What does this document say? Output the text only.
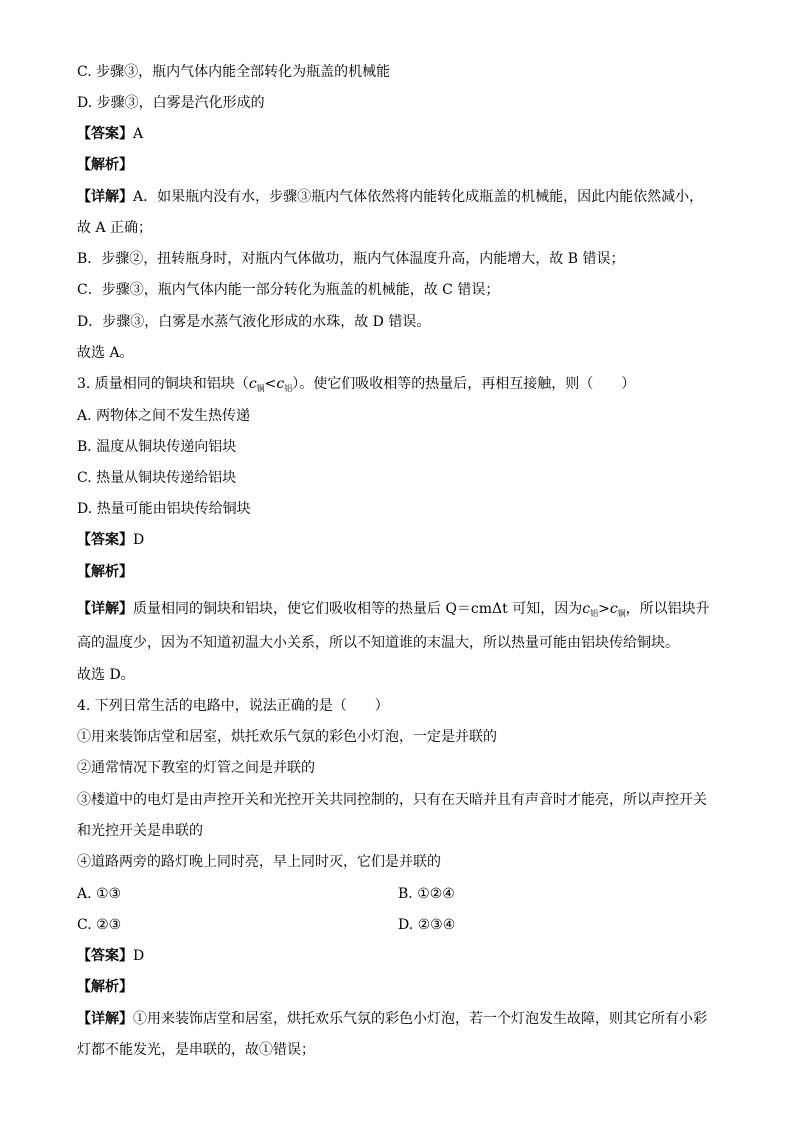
C. 步骤③，瓶内气体内能全部转化为瓶盖的机械能
D. 步骤③，白雾是汽化形成的
【答案】A
【解析】
【详解】A．如果瓶内没有水，步骤③瓶内气体依然将内能转化成瓶盖的机械能，因此内能依然减小，
故 A 正确；
B．步骤②，扭转瓶身时，对瓶内气体做功，瓶内气体温度升高，内能增大，故 B 错误；
C．步骤③，瓶内气体内能一部分转化为瓶盖的机械能，故 C 错误；
D．步骤③，白雾是水蒸气液化形成的水珠，故 D 错误。
故选 A。
3. 质量相同的铜块和铝块$(c_铜<c_铝)$。使它们吸收相等的热量后，再相互接触，则（　　）
A. 两物体之间不发生热传递
B. 温度从铜块传递向铝块
C. 热量从铜块传递给铝块
D. 热量可能由铝块传给铜块
【答案】D
【解析】
【详解】质量相同的铜块和铝块，使它们吸收相等的热量后 Q＝cmΔt 可知，因为$c_铝>c_铜$，所以铝块升
高的温度少，因为不知道初温大小关系，所以不知道谁的末温大，所以热量可能由铝块传给铜块。
故选 D。
4. 下列日常生活的电路中，说法正确的是（　　）
①用来装饰店堂和居室，烘托欢乐气氛的彩色小灯泡，一定是并联的
②通常情况下教室的灯管之间是并联的
③楼道中的电灯是由声控开关和光控开关共同控制的，只有在天暗并且有声音时才能亮，所以声控开关
和光控开关是串联的
④道路两旁的路灯晚上同时亮，早上同时灭，它们是并联的
A. ①③	B. ①②④
C. ②③	D. ②③④
【答案】D
【解析】
【详解】①用来装饰店堂和居室，烘托欢乐气氛的彩色小灯泡，若一个灯泡发生故障，则其它所有小彩
灯都不能发光，是串联的，故①错误；
